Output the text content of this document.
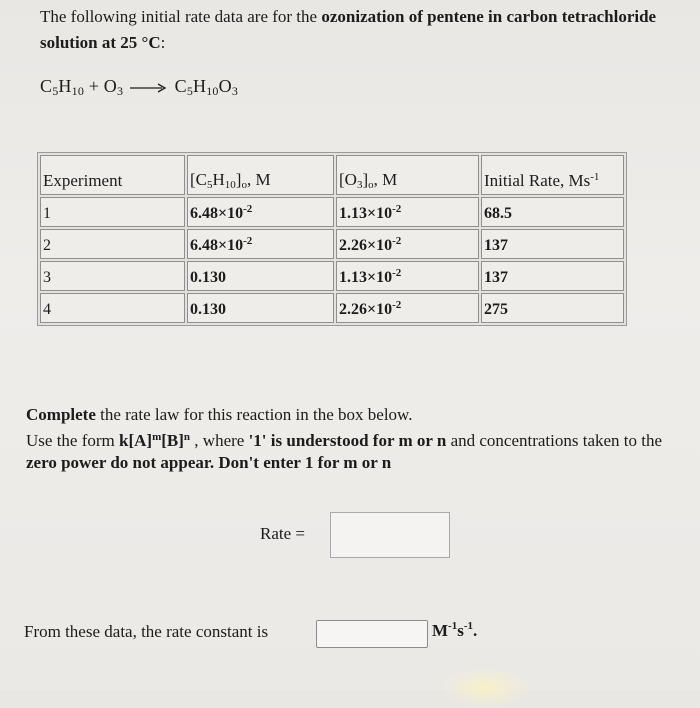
The following initial rate data are for the ozonization of pentene in carbon tetrachloride solution at 25 °C:
$C_5H_{10} + O_3 \to C_5H_{10}O_3$
Experiment	$[C_5H_{10}]_o$, M	$[O_3]_o$, M	Initial Rate, $Ms^{-1}$
1	$6.48\times 10^{-2}$	$1.13\times 10^{-2}$	68.5
2	$6.48\times 10^{-2}$	$2.26\times 10^{-2}$	137
3	0.130	$1.13\times 10^{-2}$	137
4	0.130	$2.26\times 10^{-2}$	275
Complete the rate law for this reaction in the box below.
Use the form $k[A]^m[B]^n$ , where '1' is understood for m or n and concentrations taken to the zero power do not appear. Don't enter 1 for m or n
Rate =
From these data, the rate constant is	$M^{-1}s^{-1}$.
